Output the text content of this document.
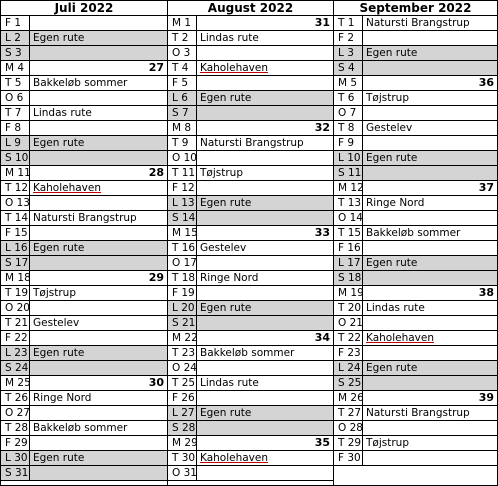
Juli 2022
F 1
L 2 Egen rute
S 3
M 4	27
T 5 Bakkeløb sommer
O 6
T 7 Lindas rute
F 8
L 9 Egen rute
S 10
M 11	28
T 12 Kaholehaven
O 13
T 14 Natursti Brangstrup
F 15
L 16 Egen rute
S 17
M 18	29
T 19 Tøjstrup
O 20
T 21 Gestelev
F 22
L 23 Egen rute
S 24
M 25	30
T 26 Ringe Nord
O 27
T 28 Bakkeløb sommer
F 29
L 30 Egen rute
S 31
August 2022
M 1	31
T 2 Lindas rute
O 3
T 4 Kaholehaven
F 5
L 6 Egen rute
S 7
M 8	32
T 9 Natursti Brangstrup
O 10
T 11 Tøjstrup
F 12
L 13 Egen rute
S 14
M 15	33
T 16 Gestelev
O 17
T 18 Ringe Nord
F 19
L 20 Egen rute
S 21
M 22	34
T 23 Bakkeløb sommer
O 24
T 25 Lindas rute
F 26
L 27 Egen rute
S 28
M 29	35
T 30 Kaholehaven
O 31
September 2022
T 1 Natursti Brangstrup
F 2
L 3 Egen rute
S 4
M 5	36
T 6 Tøjstrup
O 7
T 8 Gestelev
F 9
L 10 Egen rute
S 11
M 12	37
T 13 Ringe Nord
O 14
T 15 Bakkeløb sommer
F 16
L 17 Egen rute
S 18
M 19	38
T 20 Lindas rute
O 21
T 22 Kaholehaven
F 23
L 24 Egen rute
S 25
M 26	39
T 27 Natursti Brangstrup
O 28
T 29 Tøjstrup
F 30
